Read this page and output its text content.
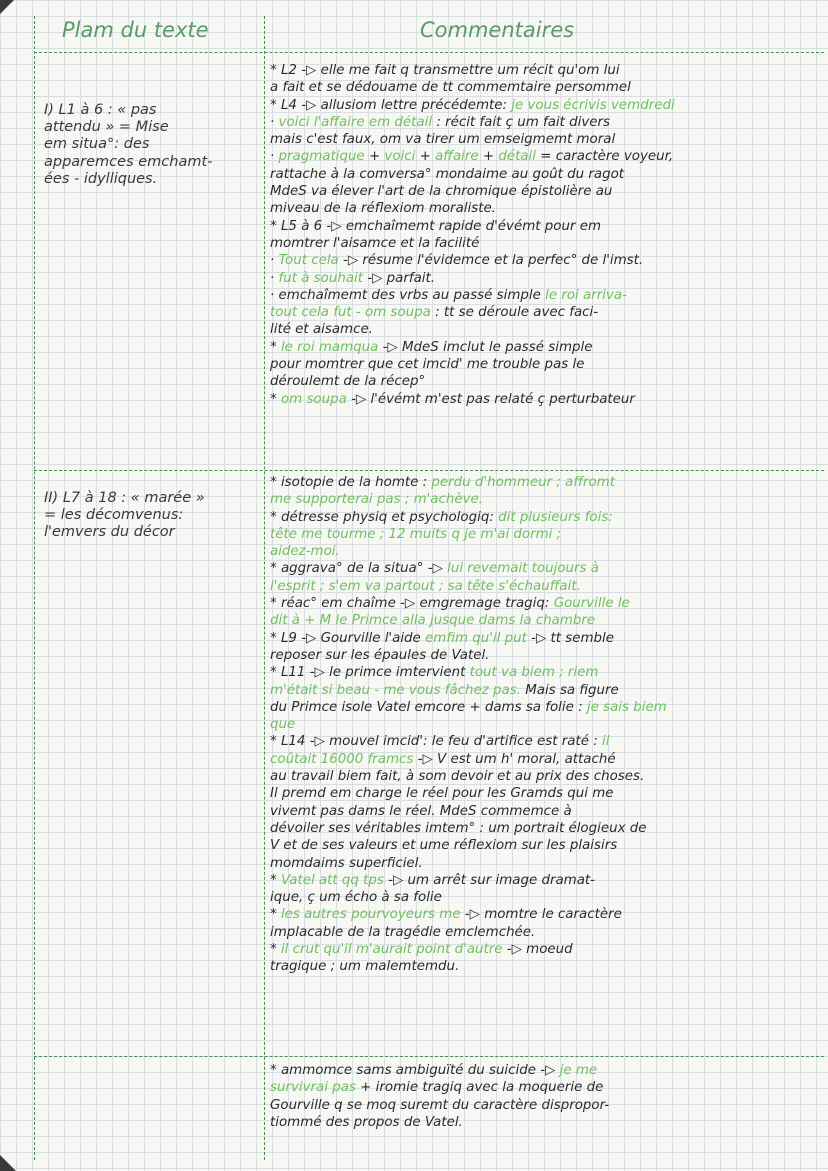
Plam du texte	Commentaires
I) L1 à 6 : « pas
attendu » = Mise
em situa°: des
apparemces emchamt-
ées - idylliques.
II) L7 à 18 : « marée »
= les décomvenus:
l'emvers du décor
* L2 -▷ elle me fait q transmettre um récit qu'om lui
a fait et se dédouame de tt commemtaire persommel
* L4 -▷ allusiom lettre précédemte: je vous écrivis vemdredi
· voici l'affaire em détail : récit fait ç um fait divers
mais c'est faux, om va tirer um emseigmemt moral
· pragmatique + voici + affaire + détail = caractère voyeur,
rattache à la comversa° mondaime au goût du ragot
MdeS va élever l'art de la chromique épistolière au
miveau de la réflexiom moraliste.
* L5 à 6 -▷ emchaîmemt rapide d'évémt pour em
momtrer l'aisamce et la facilité
· Tout cela -▷ résume l'évidemce et la perfec° de l'imst.
· fut à souhait -▷ parfait.
· emchaîmemt des vrbs au passé simple le roi arriva-
tout cela fut - om soupa : tt se déroule avec faci-
lité et aisamce.
* le roi mamqua -▷ MdeS imclut le passé simple
pour momtrer que cet imcid' me trouble pas le
déroulemt de la récep°
* om soupa -▷ l'évémt m'est pas relaté ç perturbateur
* isotopie de la homte : perdu d'hommeur ; affromt
me supporterai pas ; m'achève.
* détresse physiq et psychologiq: dit plusieurs fois:
tête me tourme ; 12 muits q je m'ai dormi ;
aidez-moi.
* aggrava° de la situa° -▷ lui revemait toujours à
l'esprit ; s'em va partout ; sa tête s'échauffait.
* réac° em chaîme -▷ emgremage tragiq: Gourville le
dit à + M le Primce alla jusque dams la chambre
* L9 -▷ Gourville l'aide emfim qu'il put -▷ tt semble
reposer sur les épaules de Vatel.
* L11 -▷ le primce imtervient tout va biem ; riem
m'était si beau - me vous fâchez pas. Mais sa figure
du Primce isole Vatel emcore + dams sa folie : je sais biem
que
* L14 -▷ mouvel imcid': le feu d'artifice est raté : il
coûtait 16000 framcs -▷ V est um h' moral, attaché
au travail biem fait, à som devoir et au prix des choses.
Il premd em charge le réel pour les Gramds qui me
vivemt pas dams le réel. MdeS commemce à
dévoiler ses véritables imtem° : um portrait élogieux de
V et de ses valeurs et ume réflexiom sur les plaisirs
momdaims superficiel.
* Vatel att qq tps -▷ um arrêt sur image dramat-
ique, ç um écho à sa folie
* les autres pourvoyeurs me -▷ momtre le caractère
implacable de la tragédie emclemchée.
* il crut qu'il m'aurait point d'autre -▷ moeud
tragique ; um malemtemdu.
* ammomce sams ambiguïté du suicide -▷ je me
survivrai pas + iromie tragiq avec la moquerie de
Gourville q se moq suremt du caractère dispropor-
tiommé des propos de Vatel.
